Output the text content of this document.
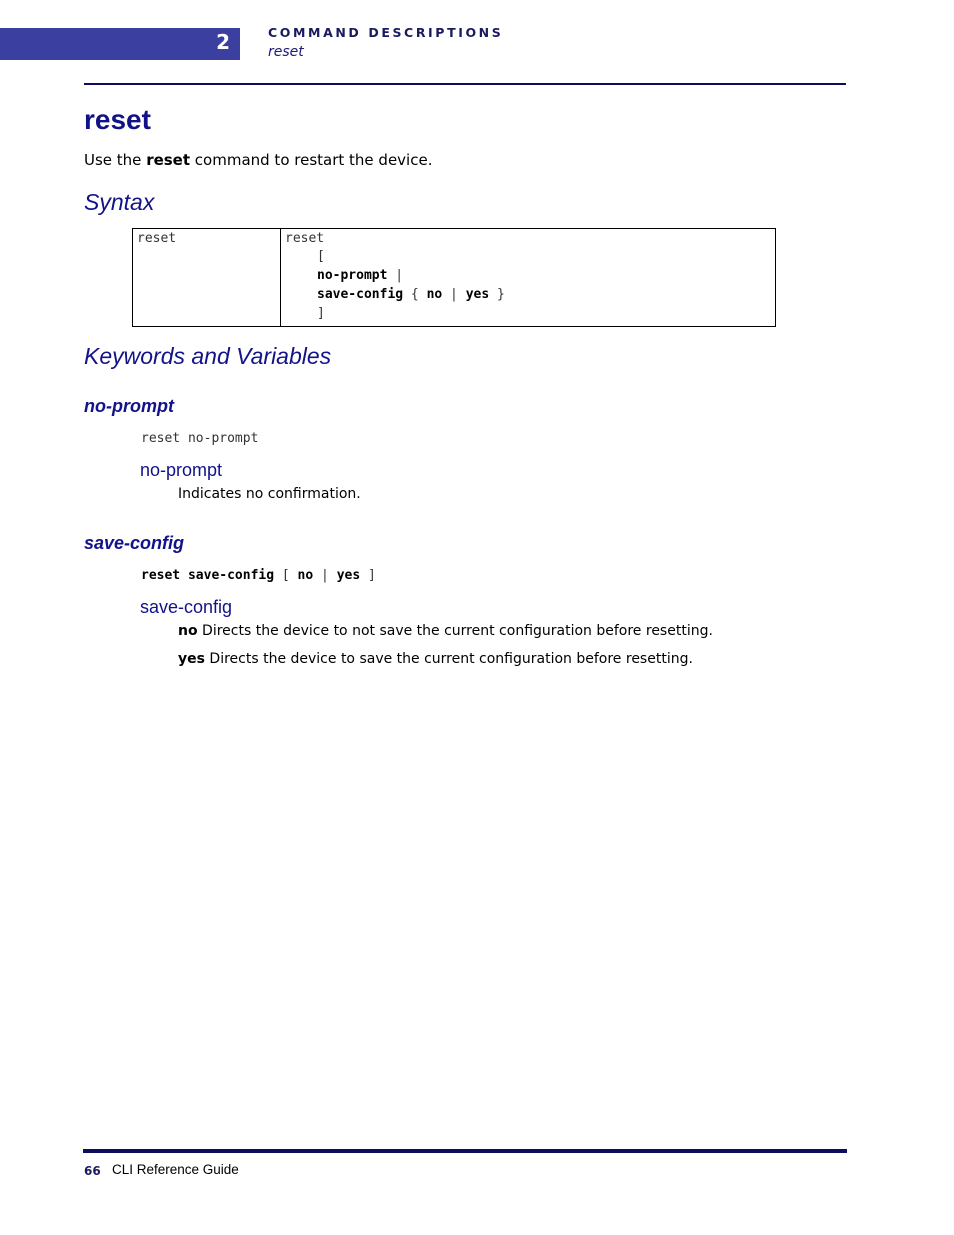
2	COMMAND DESCRIPTIONS
reset
reset
Use the reset command to restart the device.
Syntax
reset	reset
[
no-prompt |
save-config { no | yes }
]
Keywords and Variables
no-prompt
reset no-prompt
no-prompt
Indicates no confirmation.
save-config
reset save-config [ no | yes ]
save-config
no Directs the device to not save the current configuration before resetting.
yes Directs the device to save the current configuration before resetting.
66 CLI Reference Guide
